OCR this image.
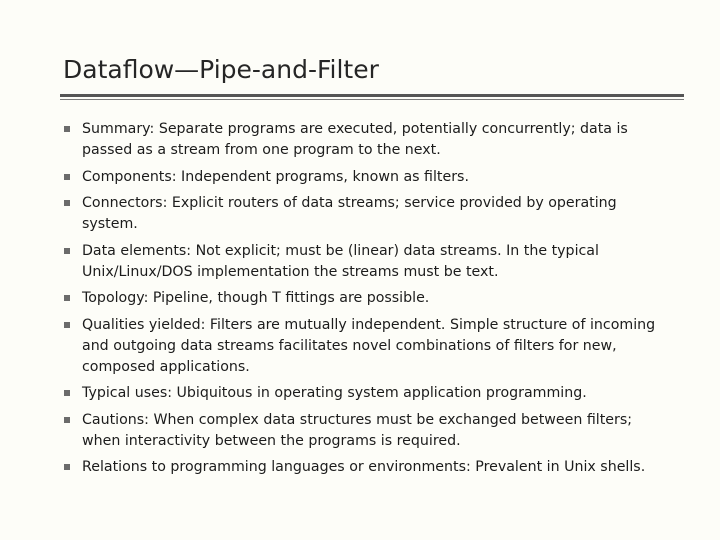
Dataflow—Pipe-and-Filter
Summary: Separate programs are executed, potentially concurrently; data is passed as a stream from one program to the next.
Components: Independent programs, known as filters.
Connectors: Explicit routers of data streams; service provided by operating system.
Data elements: Not explicit; must be (linear) data streams. In the typical Unix/Linux/DOS implementation the streams must be text.
Topology: Pipeline, though T fittings are possible.
Qualities yielded: Filters are mutually independent. Simple structure of incoming and outgoing data streams facilitates novel combinations of filters for new, composed applications.
Typical uses: Ubiquitous in operating system application programming.
Cautions: When complex data structures must be exchanged between filters; when interactivity between the programs is required.
Relations to programming languages or environments: Prevalent in Unix shells.
